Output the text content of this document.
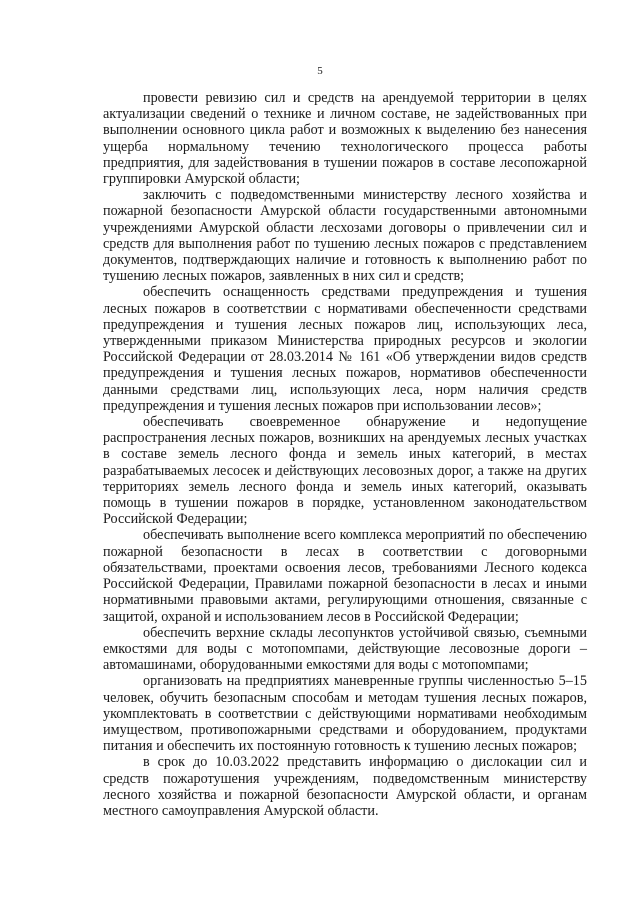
5

провести ревизию сил и средств на арендуемой территории в целях актуализации сведений о технике и личном составе, не задействованных при выполнении основного цикла работ и возможных к выделению без нанесения ущерба нормальному течению технологического процесса работы предприятия, для задействования в тушении пожаров в составе лесопожарной группировки Амурской области;

заключить с подведомственными министерству лесного хозяйства и пожарной безопасности Амурской области государственными автономными учреждениями Амурской области лесхозами договоры о привлечении сил и средств для выполнения работ по тушению лесных пожаров с представлением документов, подтверждающих наличие и готовность к выполнению работ по тушению лесных пожаров, заявленных в них сил и средств;

обеспечить оснащенность средствами предупреждения и тушения лесных пожаров в соответствии с нормативами обеспеченности средствами предупреждения и тушения лесных пожаров лиц, использующих леса, утвержденными приказом Министерства природных ресурсов и экологии Российской Федерации от 28.03.2014 № 161 «Об утверждении видов средств предупреждения и тушения лесных пожаров, нормативов обеспеченности данными средствами лиц, использующих леса, норм наличия средств предупреждения и тушения лесных пожаров при использовании лесов»;

обеспечивать своевременное обнаружение и недопущение распространения лесных пожаров, возникших на арендуемых лесных участках в составе земель лесного фонда и земель иных категорий, в местах разрабатываемых лесосек и действующих лесовозных дорог, а также на других территориях земель лесного фонда и земель иных категорий, оказывать помощь в тушении пожаров в порядке, установленном законодательством Российской Федерации;

обеспечивать выполнение всего комплекса мероприятий по обеспечению пожарной безопасности в лесах в соответствии с договорными обязательствами, проектами освоения лесов, требованиями Лесного кодекса Российской Федерации, Правилами пожарной безопасности в лесах и иными нормативными правовыми актами, регулирующими отношения, связанные с защитой, охраной и использованием лесов в Российской Федерации;

обеспечить верхние склады лесопунктов устойчивой связью, съемными емкостями для воды с мотопомпами, действующие лесовозные дороги – автомашинами, оборудованными емкостями для воды с мотопомпами;

организовать на предприятиях маневренные группы численностью 5–15 человек, обучить безопасным способам и методам тушения лесных пожаров, укомплектовать в соответствии с действующими нормативами необходимым имуществом, противопожарными средствами и оборудованием, продуктами питания и обеспечить их постоянную готовность к тушению лесных пожаров;

в срок до 10.03.2022 представить информацию о дислокации сил и средств пожаротушения учреждениям, подведомственным министерству лесного хозяйства и пожарной безопасности Амурской области, и органам местного самоуправления Амурской области.
